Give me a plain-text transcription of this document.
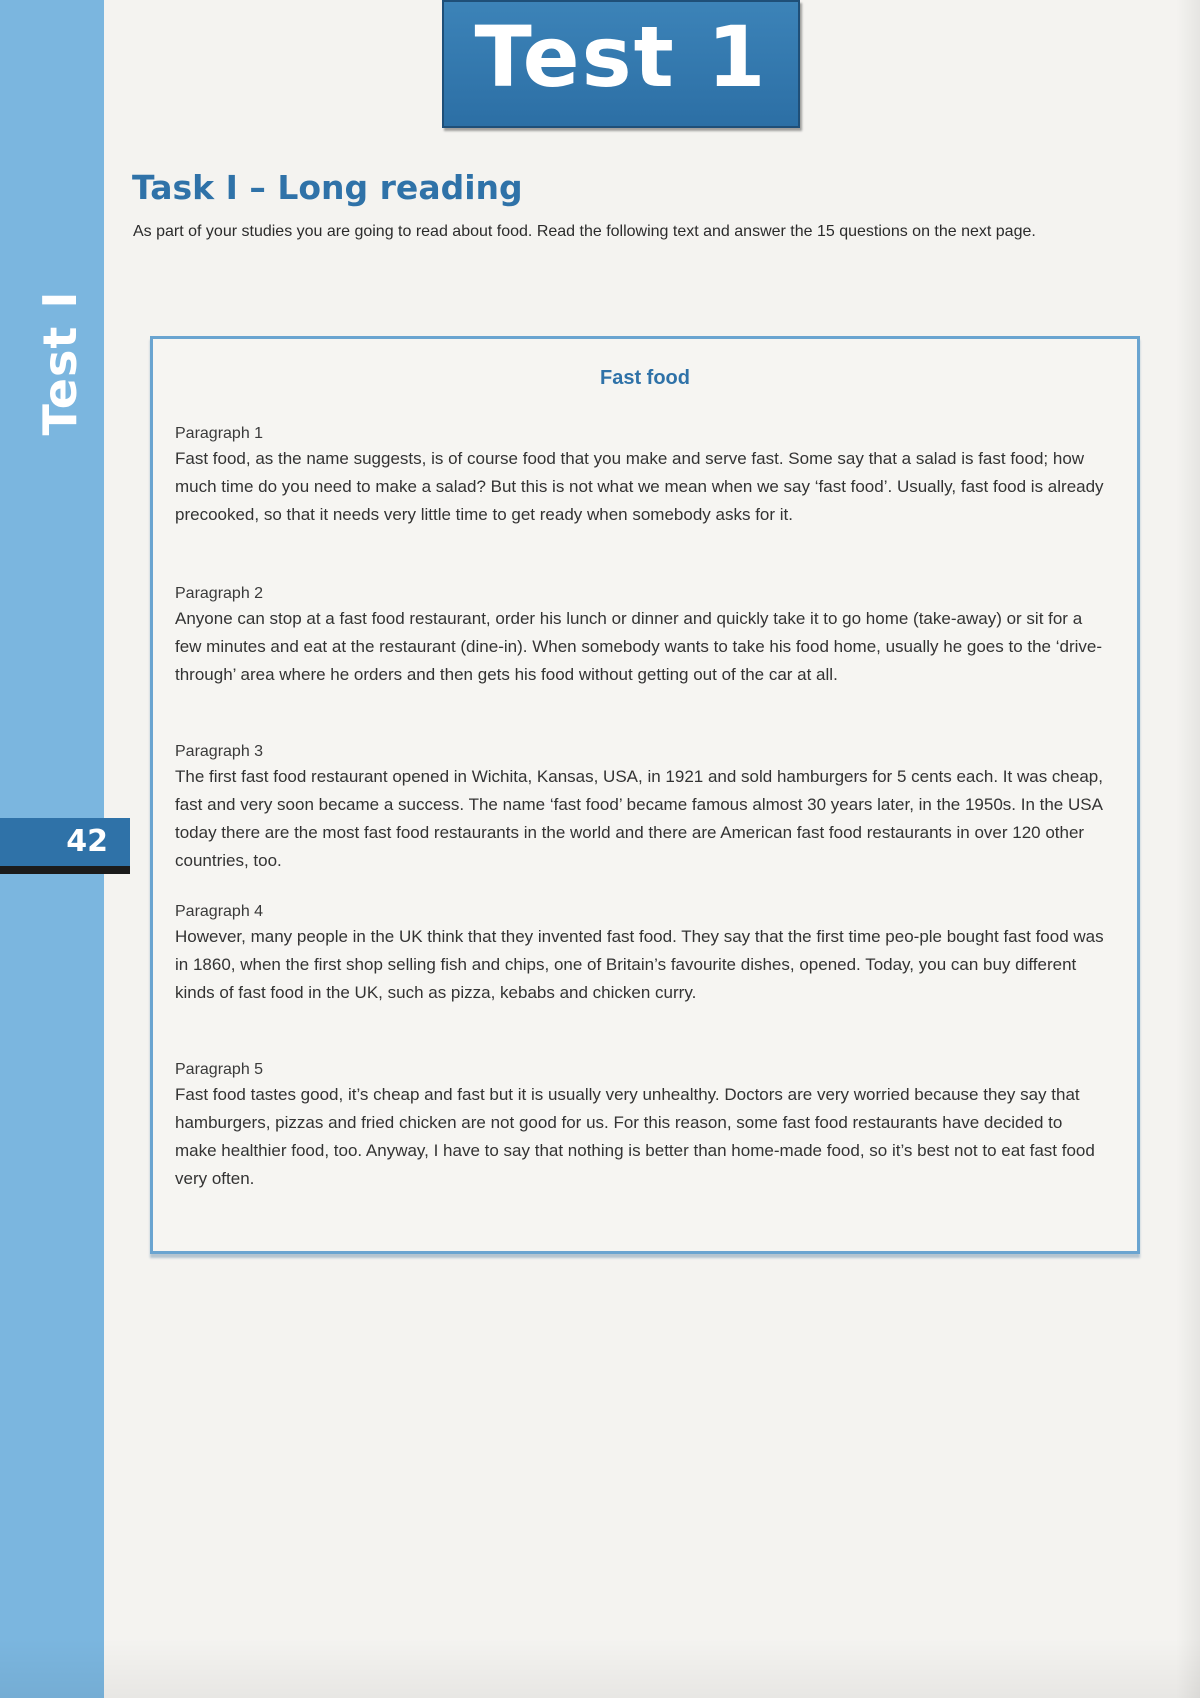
Test I
42
Test 1
Task I – Long reading

As part of your studies you are going to read about food. Read the following text and answer the 15 questions on the next page.

Fast food
Paragraph 1
Fast food, as the name suggests, is of course food that you make and serve fast. Some say that a salad is fast food; how much time do you need to make a salad? But this is not what we mean when we say ‘fast food’. Usually, fast food is already precooked, so that it needs very little time to get ready when somebody asks for it.
Paragraph 2
Anyone can stop at a fast food restaurant, order his lunch or dinner and quickly take it to go home (take-away) or sit for a few minutes and eat at the restaurant (dine-in). When somebody wants to take his food home, usually he goes to the ‘drive-through’ area where he orders and then gets his food without getting out of the car at all.
Paragraph 3
The first fast food restaurant opened in Wichita, Kansas, USA, in 1921 and sold hamburgers for 5 cents each. It was cheap, fast and very soon became a success. The name ‘fast food’ became famous almost 30 years later, in the 1950s. In the USA today there are the most fast food restaurants in the world and there are American fast food restaurants in over 120 other countries, too.
Paragraph 4
However, many people in the UK think that they invented fast food. They say that the first time peo-ple bought fast food was in 1860, when the first shop selling fish and chips, one of Britain’s favourite dishes, opened. Today, you can buy different kinds of fast food in the UK, such as pizza, kebabs and chicken curry.
Paragraph 5
Fast food tastes good, it’s cheap and fast but it is usually very unhealthy. Doctors are very worried because they say that hamburgers, pizzas and fried chicken are not good for us. For this reason, some fast food restaurants have decided to make healthier food, too. Anyway, I have to say that nothing is better than home-made food, so it’s best not to eat fast food very often.
